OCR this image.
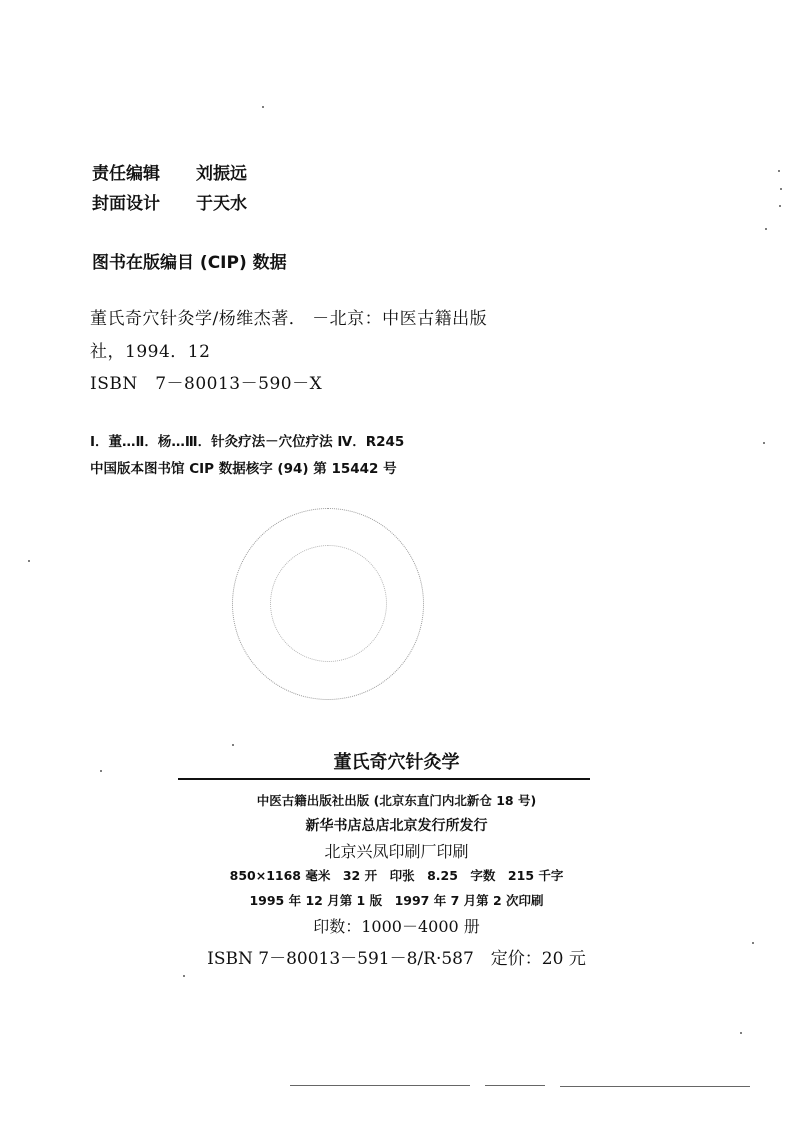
责任编辑 刘振远
封面设计 于天水
图书在版编目 (CIP) 数据
董氏奇穴针灸学/杨维杰著． －北京：中医古籍出版
社，1994．12
ISBN　7－80013－590－X
Ⅰ．董…Ⅱ．杨…Ⅲ．针灸疗法－穴位疗法 Ⅳ．R245
中国版本图书馆 CIP 数据核字 (94) 第 15442 号
董氏奇穴针灸学
中医古籍出版社出版 (北京东直门内北新仓 18 号)
新华书店总店北京发行所发行
北京兴凤印刷厂印刷
850×1168 毫米　32 开　印张　8.25　字数　215 千字
1995 年 12 月第 1 版　1997 年 7 月第 2 次印刷
印数：1000－4000 册
ISBN 7－80013－591－8/R·587　定价：20 元
